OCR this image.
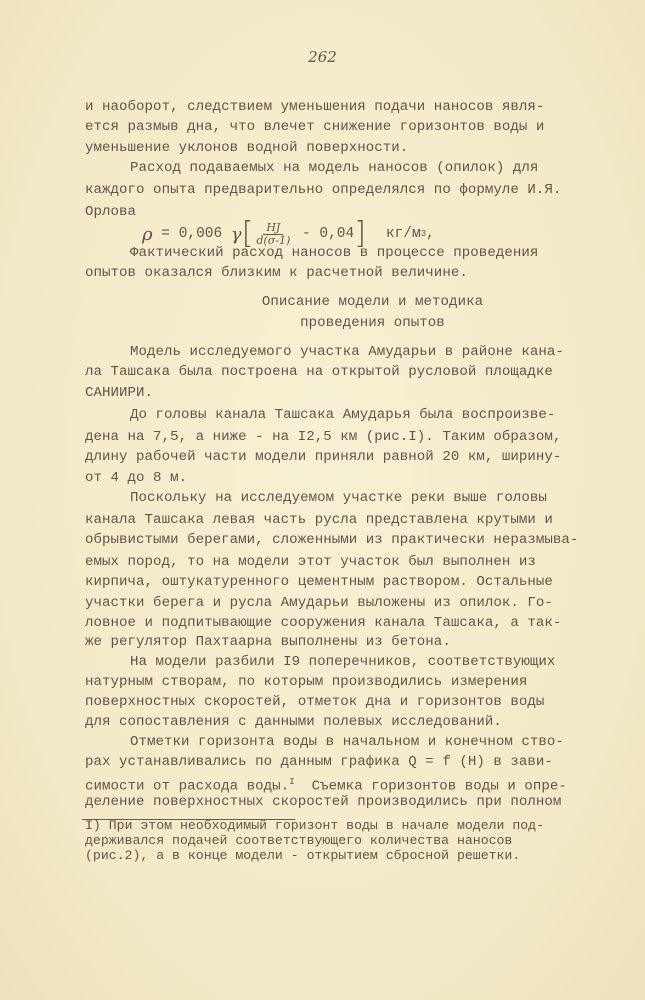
262
и наоборот, следствием уменьшения подачи наносов явля-
ется размыв дна, что влечет снижение горизонтов воды и
уменьшение уклонов водной поверхности.
Расход подаваемых на модель наносов (опилок) для
каждого опыта предварительно определялся по формуле И.Я.
Орлова
ρ = 0,006 γ [ $\frac{HJ}{d(\sigma-1)} - 0,04$ ] кг/м 3 ,
Фактический расход наносов в процессе проведения
опытов оказался близким к расчетной величине.
Описание модели и методика
проведения опытов
Модель исследуемого участка Амударьи в районе кана-
ла Ташсака была построена на открытой русловой площадке
САНИИРИ.
До головы канала Ташсака Амударья была воспроизве-
дена на 7,5, а ниже - на I2,5 км (рис.I). Таким образом,
длину рабочей части модели приняли равной 20 км, ширину-
от 4 до 8 м.
Поскольку на исследуемом участке реки выше головы
канала Ташсака левая часть русла представлена крутыми и
обрывистыми берегами, сложенными из практически неразмыва-
емых пород, то на модели этот участок был выполнен из
кирпича, оштукатуренного цементным раствором. Остальные
участки берега и русла Амударьи выложены из опилок. Го-
ловное и подпитывающие сооружения канала Ташсака, а так-
же регулятор Пахтаарна выполнены из бетона.
На модели разбили I9 поперечников, соответствующих
натурным створам, по которым производились измерения
поверхностных скоростей, отметок дна и горизонтов воды
для сопоставления с данными полевых исследований.
Отметки горизонта воды в начальном и конечном ство-
рах устанавливались по данным графика Q = f (H) в зави-
симости от расхода воды.$^I$ Съемка горизонтов воды и опре-
деление поверхностных скоростей производились при полном
I) При этом необходимый горизонт воды в начале модели под-
держивался подачей соответствующего количества наносов
(рис.2), а в конце модели - открытием сбросной решетки.
